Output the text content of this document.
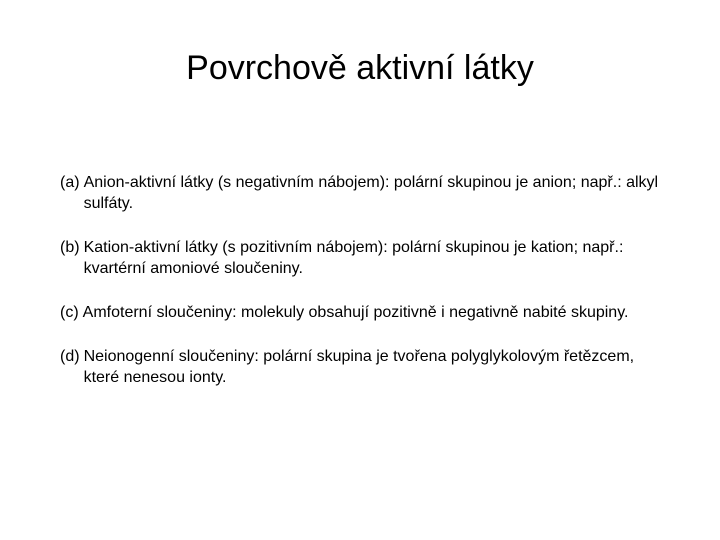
Povrchově aktivní látky
(a) Anion-aktivní látky (s negativním nábojem): polární skupinou je anion; např.: alkyl sulfáty.
(b) Kation-aktivní látky (s pozitivním nábojem): polární skupinou je kation; např.: kvartérní amoniové sloučeniny.
(c) Amfoterní sloučeniny: molekuly obsahují pozitivně i negativně nabité skupiny.
(d) Neionogenní sloučeniny: polární skupina je tvořena polyglykolovým řetězcem, které nenesou ionty.
